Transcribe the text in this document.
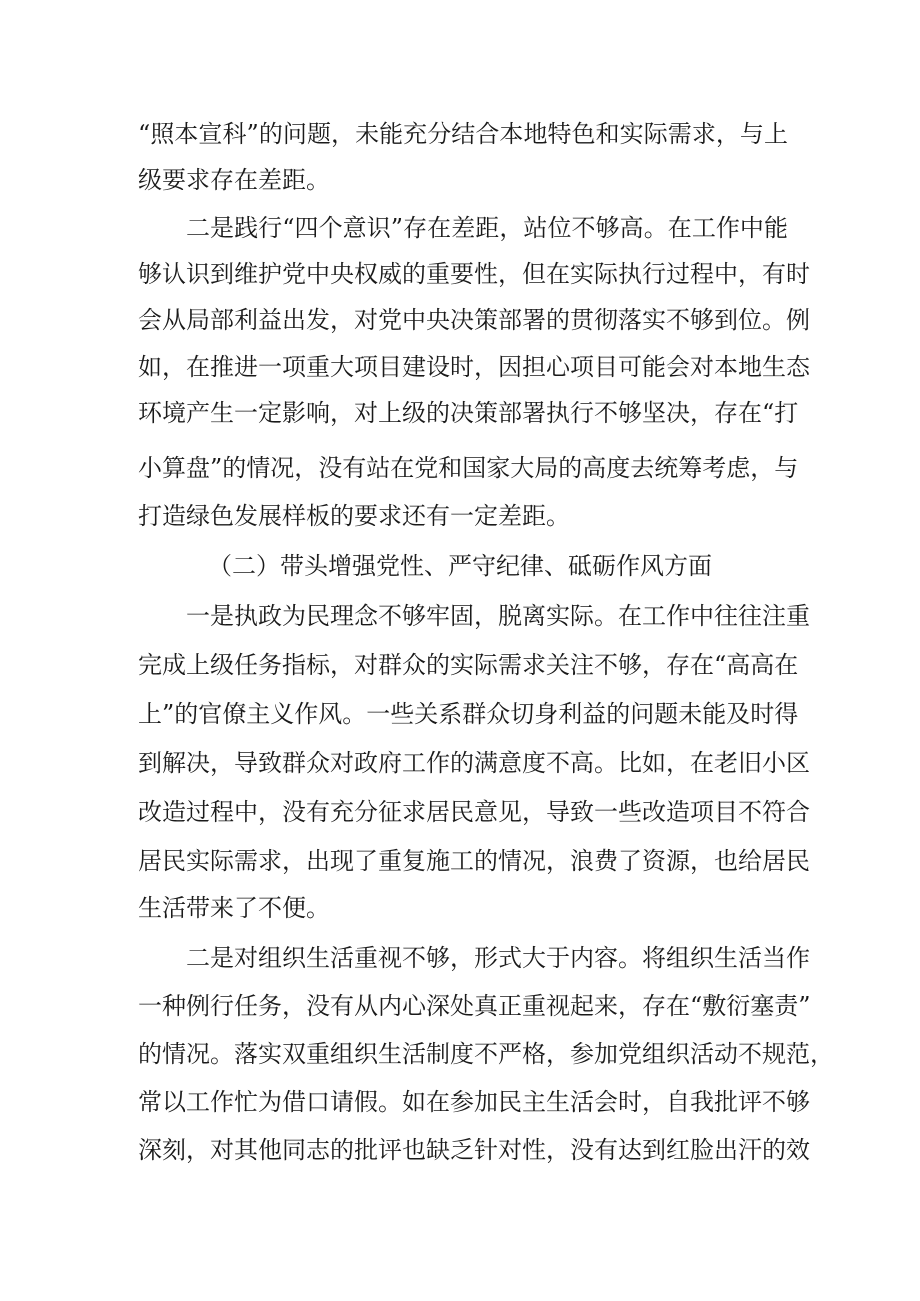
“照本宣科”的问题，未能充分结合本地特色和实际需求，与上
级要求存在差距。
二是践行“四个意识”存在差距，站位不够高。在工作中能
够认识到维护党中央权威的重要性，但在实际执行过程中，有时
会从局部利益出发，对党中央决策部署的贯彻落实不够到位。例
如，在推进一项重大项目建设时，因担心项目可能会对本地生态
环境产生一定影响，对上级的决策部署执行不够坚决，存在“打
小算盘”的情况，没有站在党和国家大局的高度去统筹考虑，与
打造绿色发展样板的要求还有一定差距。
（二）带头增强党性、严守纪律、砥砺作风方面
一是执政为民理念不够牢固，脱离实际。在工作中往往注重
完成上级任务指标，对群众的实际需求关注不够，存在“高高在
上”的官僚主义作风。一些关系群众切身利益的问题未能及时得
到解决，导致群众对政府工作的满意度不高。比如，在老旧小区
改造过程中，没有充分征求居民意见，导致一些改造项目不符合
居民实际需求，出现了重复施工的情况，浪费了资源，也给居民
生活带来了不便。
二是对组织生活重视不够，形式大于内容。将组织生活当作
一种例行任务，没有从内心深处真正重视起来，存在“敷衍塞责”
的情况。落实双重组织生活制度不严格，参加党组织活动不规范，
常以工作忙为借口请假。如在参加民主生活会时，自我批评不够
深刻，对其他同志的批评也缺乏针对性，没有达到红脸出汗的效
